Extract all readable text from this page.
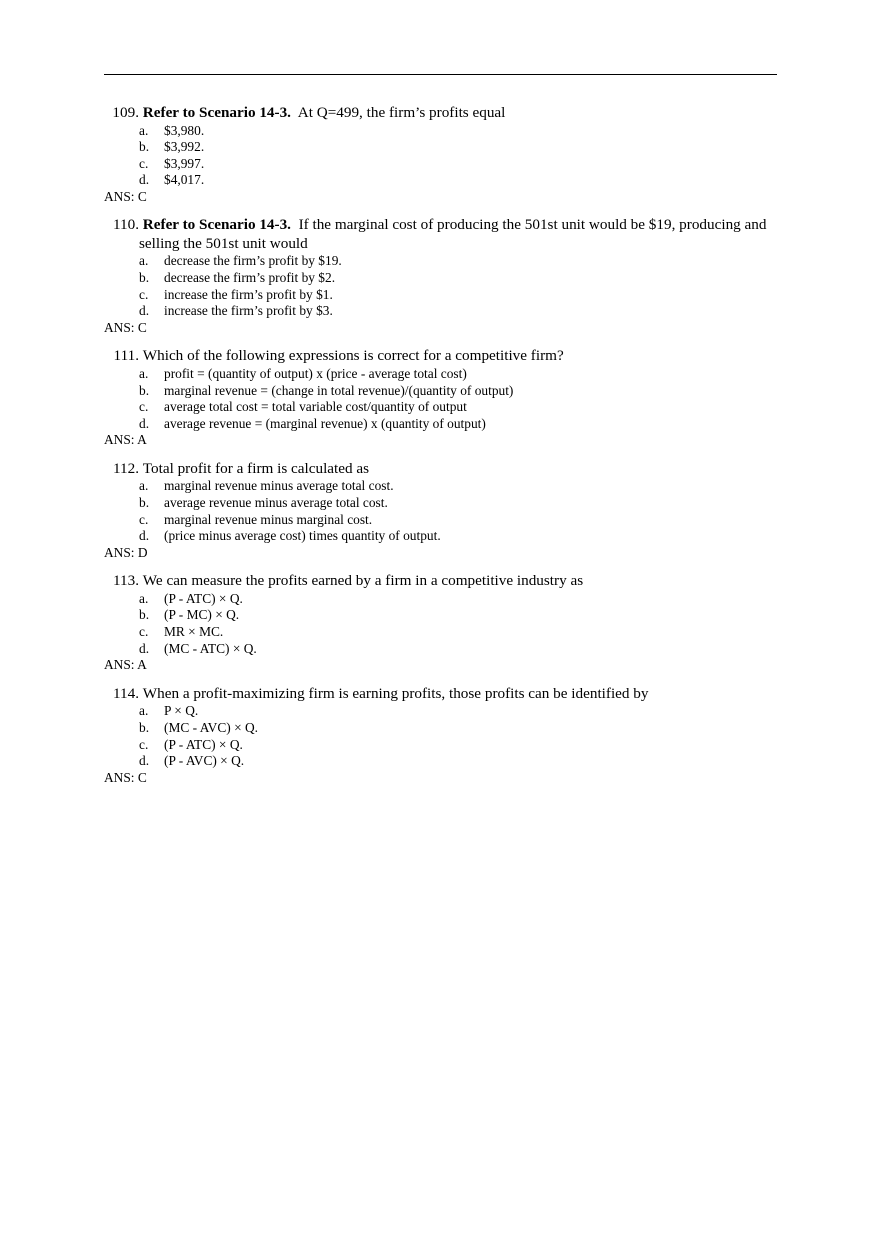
109. Refer to Scenario 14-3.  At Q=499, the firm’s profits equal
a.	$3,980.
b.	$3,992.
c.	$3,997.
d.	$4,017.
ANS: C
110. Refer to Scenario 14-3.  If the marginal cost of producing the 501st unit would be $19, producing and selling the 501st unit would
a.	decrease the firm’s profit by $19.
b.	decrease the firm’s profit by $2.
c.	increase the firm’s profit by $1.
d.	increase the firm’s profit by $3.
ANS: C
111. Which of the following expressions is correct for a competitive firm?
a.	profit = (quantity of output) x (price - average total cost)
b.	marginal revenue = (change in total revenue)/(quantity of output)
c.	average total cost = total variable cost/quantity of output
d.	average revenue = (marginal revenue) x (quantity of output)
ANS: A
112. Total profit for a firm is calculated as
a.	marginal revenue minus average total cost.
b.	average revenue minus average total cost.
c.	marginal revenue minus marginal cost.
d.	(price minus average cost) times quantity of output.
ANS: D
113. We can measure the profits earned by a firm in a competitive industry as
a.	(P - ATC) × Q.
b.	(P - MC) × Q.
c.	MR × MC.
d.	(MC - ATC) × Q.
ANS: A
114. When a profit-maximizing firm is earning profits, those profits can be identified by
a.	P × Q.
b.	(MC - AVC) × Q.
c.	(P - ATC) × Q.
d.	(P - AVC) × Q.
ANS: C
